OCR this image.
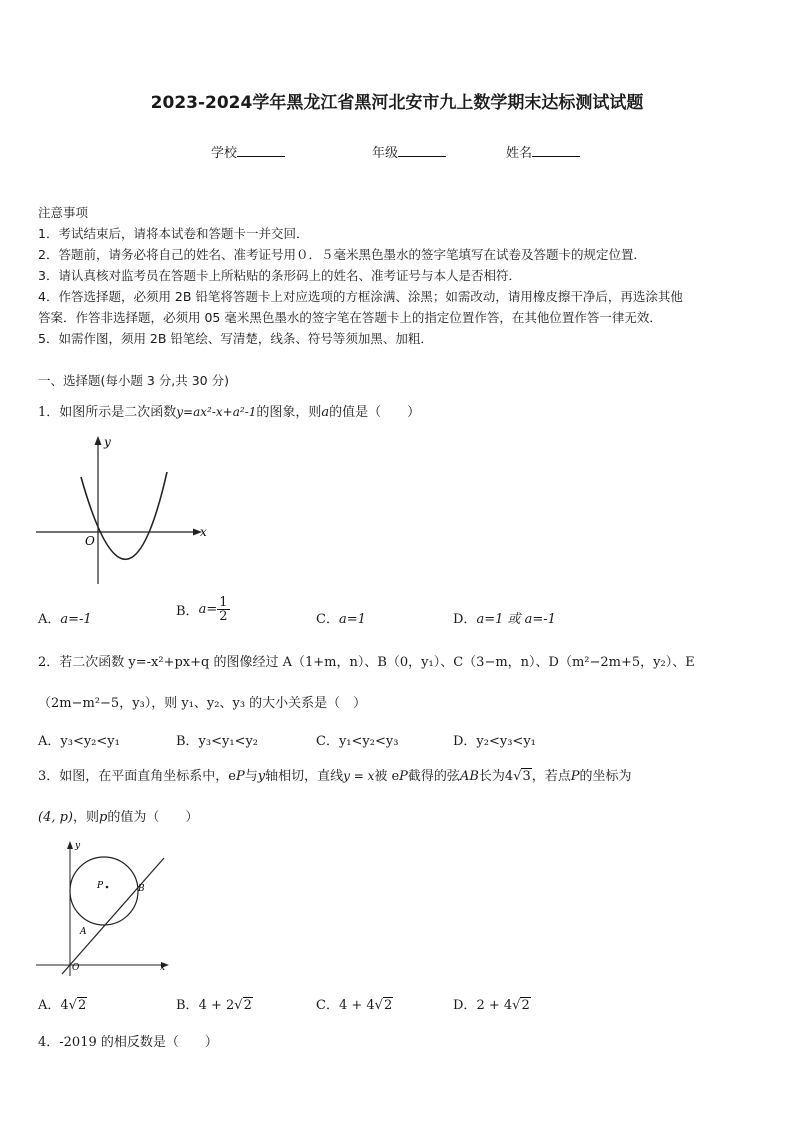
2023-2024学年黑龙江省黑河北安市九上数学期末达标测试试题
学校	年级	姓名
注意事项
1．考试结束后，请将本试卷和答题卡一并交回．
2．答题前，请务必将自己的姓名、准考证号用０．５毫米黑色墨水的签字笔填写在试卷及答题卡的规定位置．
3．请认真核对监考员在答题卡上所粘贴的条形码上的姓名、准考证号与本人是否相符．
4．作答选择题，必须用 2B 铅笔将答题卡上对应选项的方框涂满、涂黑；如需改动，请用橡皮擦干净后，再选涂其他
答案．作答非选择题，必须用 05 毫米黑色墨水的签字笔在答题卡上的指定位置作答，在其他位置作答一律无效．
5．如需作图，须用 2B 铅笔绘、写清楚，线条、符号等须加黑、加粗．
一、选择题(每小题 3 分,共 30 分)
1．如图所示是二次函数y=ax²-x+a²-1的图象，则a的值是（　　）
y
x
O
A．a=-1
B．$a= \frac{1}{2}$	C．a=1	D．a=1 或 a=-1
2．若二次函数 y=-x²+px+q 的图像经过 A（1+m，n）、B（0，y₁）、C（3−m，n）、D（m²−2m+5，y₂）、E
（2m−m²−5，y₃），则 y₁、y₂、y₃ 的大小关系是（　）
A．y₃<y₂<y₁	B．y₃<y₁<y₂	C．y₁<y₂<y₃	D．y₂<y₃<y₁
3．如图，在平面直角坐标系中，eP与y轴相切，直线y = x被 eP截得的弦AB长为4√3，若点P的坐标为
(4, p)，则p的值为（　　）
y
x
O
P
A
B
A．4√2	B．4 + 2√2	C．4 + 4√2	D．2 + 4√2
4．-2019 的相反数是（　　）
